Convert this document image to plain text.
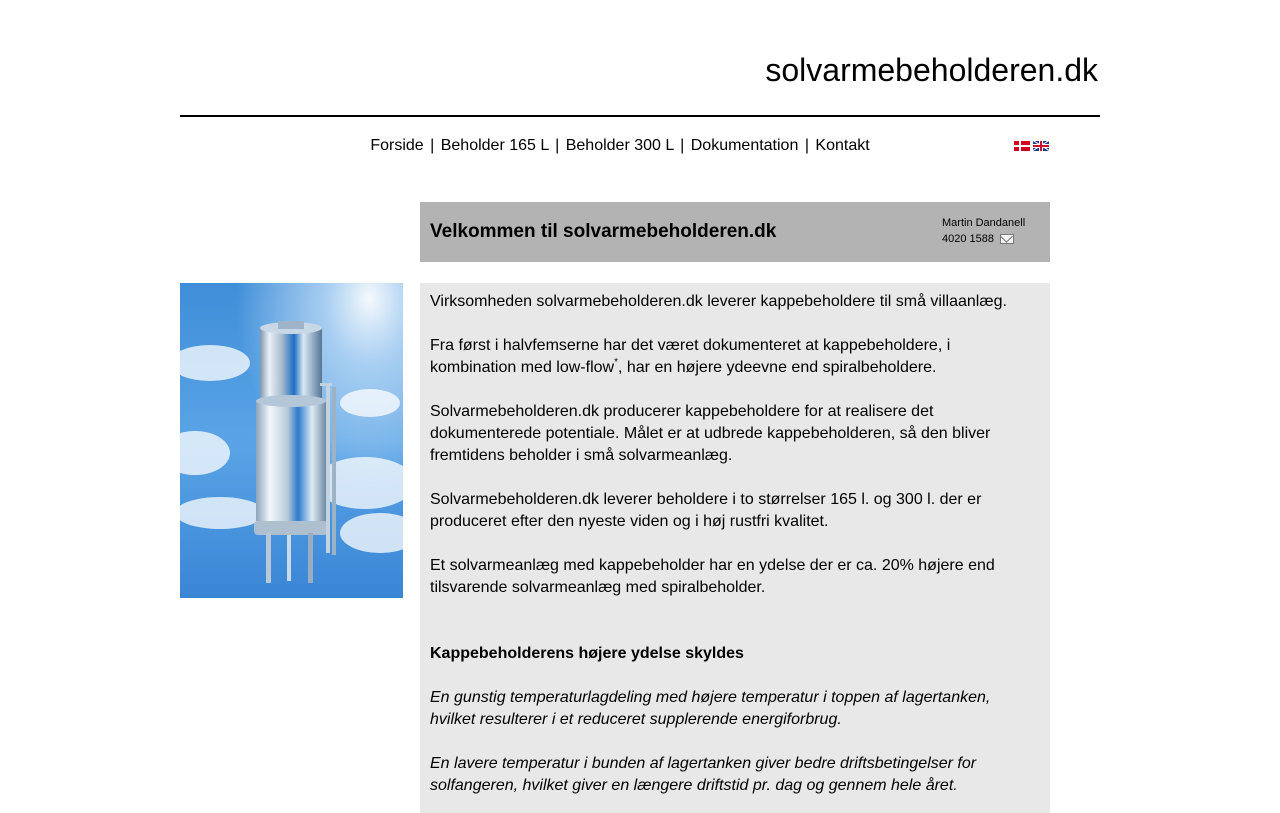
solvarmebeholderen.dk
Forside | Beholder 165 L | Beholder 300 L | Dokumentation | Kontakt
Velkommen til solvarmebeholderen.dk	Martin Dandanell
4020 1588

Virksomheden solvarmebeholderen.dk leverer kappebeholdere til små villaanlæg.

Fra først i halvfemserne har det været dokumenteret at kappebeholdere, i kombination med low-flow*, har en højere ydeevne end spiralbeholdere.

Solvarmebeholderen.dk producerer kappebeholdere for at realisere det dokumenterede potentiale. Målet er at udbrede kappebeholderen, så den bliver fremtidens beholder i små solvarmeanlæg.

Solvarmebeholderen.dk leverer beholdere i to størrelser 165 l. og 300 l. der er produceret efter den nyeste viden og i høj rustfri kvalitet.

Et solvarmeanlæg med kappebeholder har en ydelse der er ca. 20% højere end tilsvarende solvarmeanlæg med spiralbeholder.

Kappebeholderens højere ydelse skyldes

En gunstig temperaturlagdeling med højere temperatur i toppen af lagertanken, hvilket resulterer i et reduceret supplerende energiforbrug.

En lavere temperatur i bunden af lagertanken giver bedre driftsbetingelser for solfangeren, hvilket giver en længere driftstid pr. dag og gennem hele året.
